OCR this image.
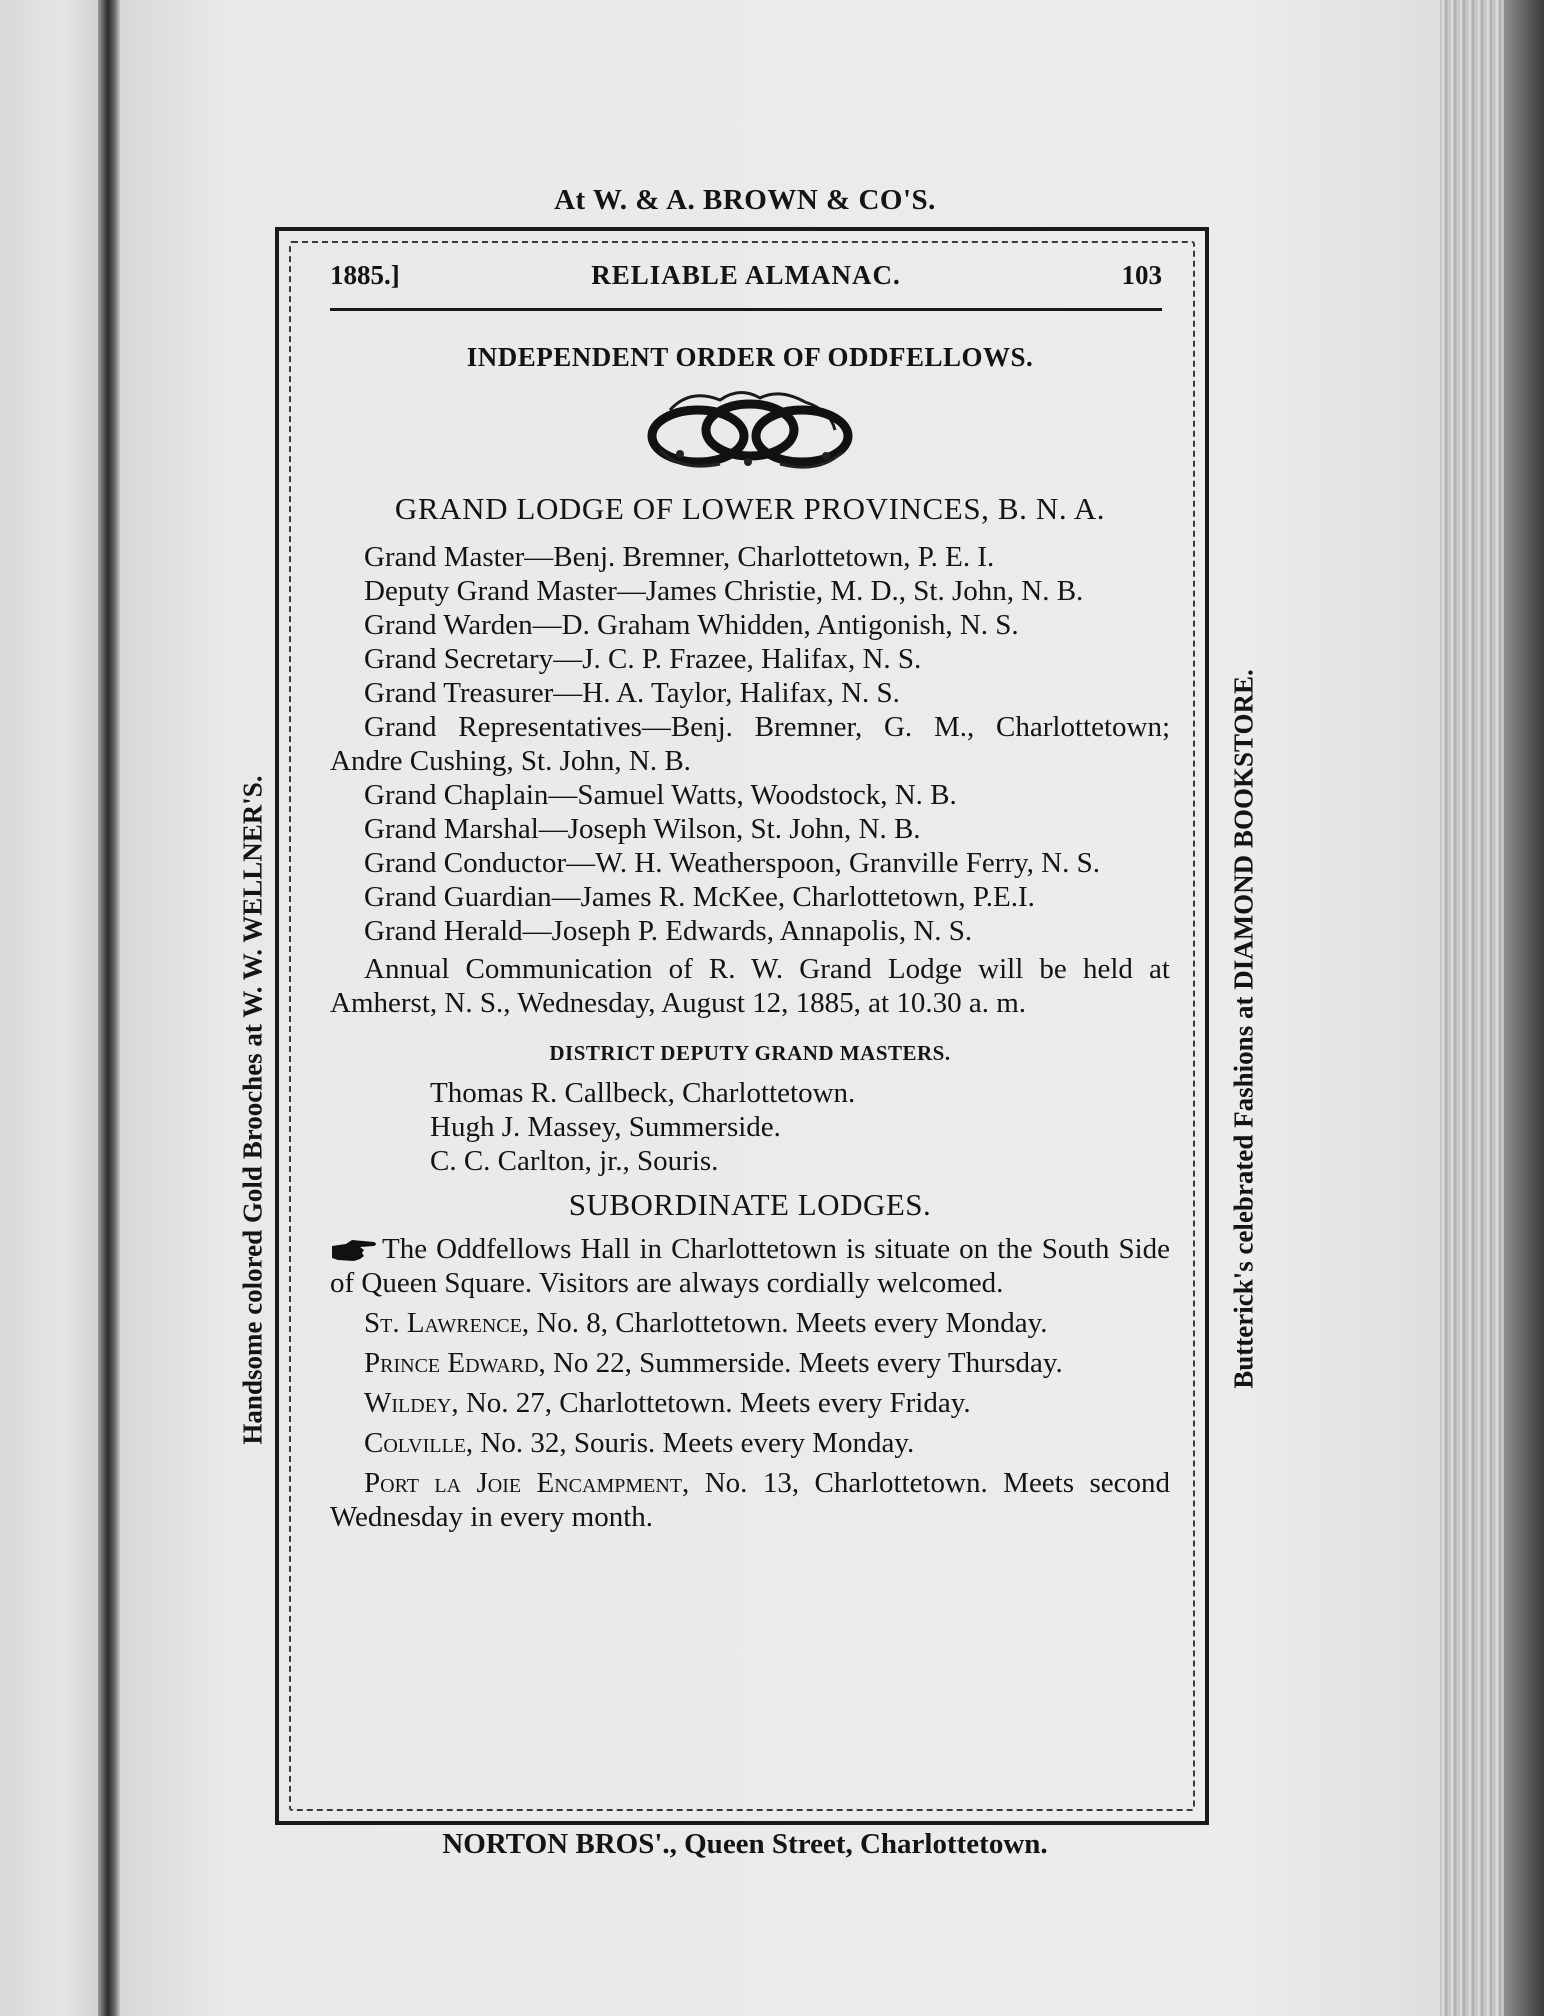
At W. & A. BROWN & CO'S.
Handsome colored Gold Brooches at W. W. WELLNER'S.	Butterick's celebrated Fashions at DIAMOND BOOKSTORE.
NORTON BROS'., Queen Street, Charlottetown.
1885.]	RELIABLE ALMANAC.	103
INDEPENDENT ORDER OF ODDFELLOWS.
GRAND LODGE OF LOWER PROVINCES, B. N. A.

Grand Master—Benj. Bremner, Charlottetown, P. E. I.

Deputy Grand Master—James Christie, M. D., St. John, N. B.

Grand Warden—D. Graham Whidden, Antigonish, N. S.

Grand Secretary—J. C. P. Frazee, Halifax, N. S.

Grand Treasurer—H. A. Taylor, Halifax, N. S.

Grand Representatives—Benj. Bremner, G. M., Charlottetown; Andre Cushing, St. John, N. B.

Grand Chaplain—Samuel Watts, Woodstock, N. B.

Grand Marshal—Joseph Wilson, St. John, N. B.

Grand Conductor—W. H. Weatherspoon, Granville Ferry, N. S.

Grand Guardian—James R. McKee, Charlottetown, P.E.I.

Grand Herald—Joseph P. Edwards, Annapolis, N. S.

Annual Communication of R. W. Grand Lodge will be held at Amherst, N. S., Wednesday, August 12, 1885, at 10.30 a. m.

DISTRICT DEPUTY GRAND MASTERS.

Thomas R. Callbeck, Charlottetown.

Hugh J. Massey, Summerside.

C. C. Carlton, jr., Souris.

SUBORDINATE LODGES.

The Oddfellows Hall in Charlottetown is situate on the South Side of Queen Square. Visitors are always cordially welcomed.

St. Lawrence, No. 8, Charlottetown. Meets every Monday.

Prince Edward, No 22, Summerside. Meets every Thursday.

Wildey, No. 27, Charlottetown. Meets every Friday.

Colville, No. 32, Souris. Meets every Monday.

Port la Joie Encampment, No. 13, Charlottetown. Meets second Wednesday in every month.
